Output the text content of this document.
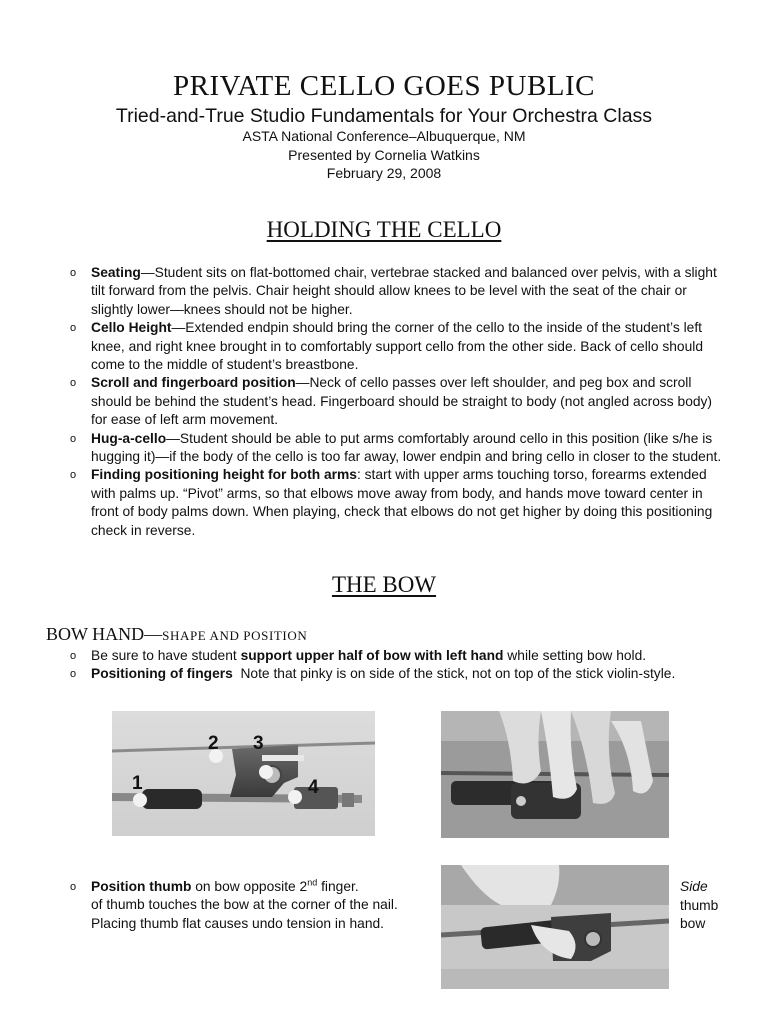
PRIVATE CELLO GOES PUBLIC
Tried-and-True Studio Fundamentals for Your Orchestra Class
ASTA National Conference–Albuquerque, NM
Presented by Cornelia Watkins
February 29, 2008
HOLDING THE CELLO
o Seating—Student sits on flat-bottomed chair, vertebrae stacked and balanced over pelvis, with a slight tilt forward from the pelvis. Chair height should allow knees to be level with the seat of the chair or slightly lower—knees should not be higher.
o Cello Height—Extended endpin should bring the corner of the cello to the inside of the student’s left knee, and right knee brought in to comfortably support cello from the other side. Back of cello should come to the middle of student’s breastbone.
o Scroll and fingerboard position—Neck of cello passes over left shoulder, and peg box and scroll should be behind the student’s head. Fingerboard should be straight to body (not angled across body) for ease of left arm movement.
o Hug-a-cello—Student should be able to put arms comfortably around cello in this position (like s/he is hugging it)—if the body of the cello is too far away, lower endpin and bring cello in closer to the student.
o Finding positioning height for both arms: start with upper arms touching torso, forearms extended with palms up. “Pivot” arms, so that elbows move away from body, and hands move toward center in front of body palms down. When playing, check that elbows do not get higher by doing this positioning check in reverse.
THE BOW
BOW HAND—SHAPE AND POSITION
o Be sure to have student support upper half of bow with left hand while setting bow hold.
o Positioning of fingers  Note that pinky is on side of the stick, not on top of the stick violin-style.
1
2 3
4
o Position thumb on bow opposite 2nd finger.
of thumb touches the bow at the corner of the nail. Placing thumb flat causes undo tension in hand.
Side
thumb
bow
